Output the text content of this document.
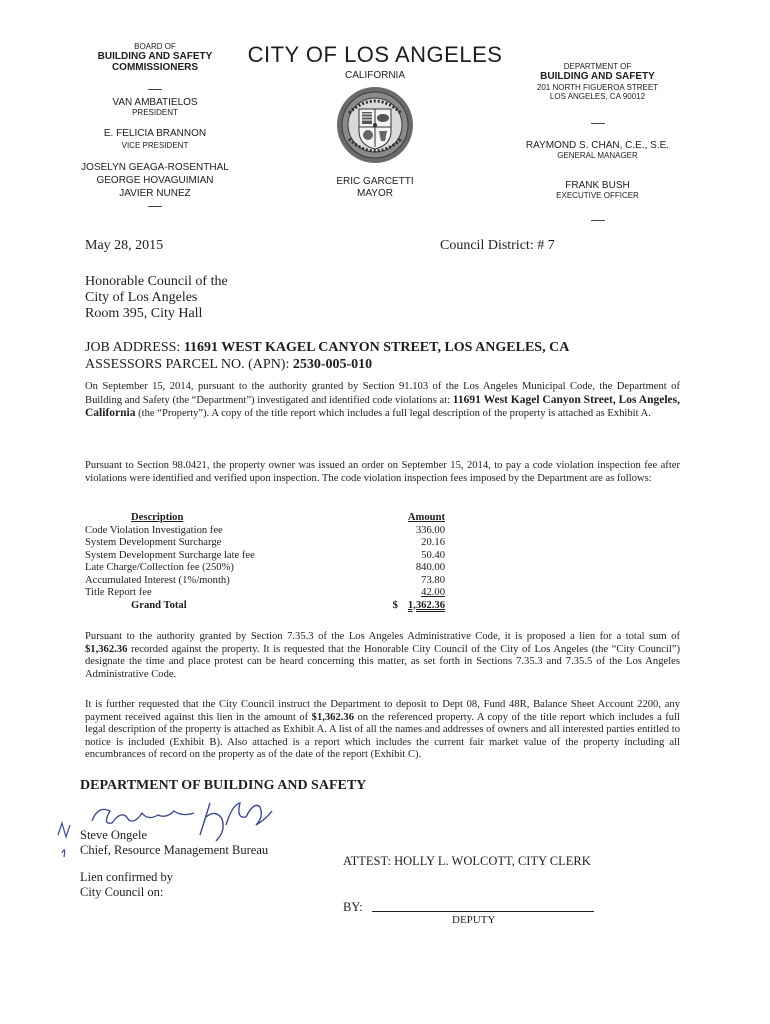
BOARD OF
BUILDING AND SAFETY
COMMISSIONERS
VAN AMBATIELOS
PRESIDENT
E. FELICIA BRANNON
VICE PRESIDENT
JOSELYN GEAGA-ROSENTHAL
GEORGE HOVAGUIMIAN
JAVIER NUNEZ
CITY OF LOS ANGELES
CALIFORNIA
ERIC GARCETTI
MAYOR
DEPARTMENT OF
BUILDING AND SAFETY
201 NORTH FIGUEROA STREET
LOS ANGELES, CA 90012
RAYMOND S. CHAN, C.E., S.E.
GENERAL MANAGER
FRANK BUSH
EXECUTIVE OFFICER
May 28, 2015	Council District: # 7
Honorable Council of the
City of Los Angeles
Room 395, City Hall
JOB ADDRESS: 11691 WEST KAGEL CANYON STREET, LOS ANGELES, CA
ASSESSORS PARCEL NO. (APN): 2530-005-010
On September 15, 2014, pursuant to the authority granted by Section 91.103 of the Los Angeles Municipal Code, the Department of Building and Safety (the “Department”) investigated and identified code violations at: 11691 West Kagel Canyon Street, Los Angeles, California (the “Property”). A copy of the title report which includes a full legal description of the property is attached as Exhibit A.
Pursuant to Section 98.0421, the property owner was issued an order on September 15, 2014, to pay a code violation inspection fee after violations were identified and verified upon inspection. The code violation inspection fees imposed by the Department are as follows:
Description	Amount
Code Violation Investigation fee	336.00
System Development Surcharge	20.16
System Development Surcharge late fee	50.40
Late Charge/Collection fee (250%)	840.00
Accumulated Interest (1%/month)	73.80
Title Report fee	42.00
Grand Total	$ 1,362.36
Pursuant to the authority granted by Section 7.35.3 of the Los Angeles Administrative Code, it is proposed a lien for a total sum of $1,362.36 recorded against the property. It is requested that the Honorable City Council of the City of Los Angeles (the “City Council”) designate the time and place protest can be heard concerning this matter, as set forth in Sections 7.35.3 and 7.35.5 of the Los Angeles Administrative Code.
It is further requested that the City Council instruct the Department to deposit to Dept 08, Fund 48R, Balance Sheet Account 2200, any payment received against this lien in the amount of $1,362.36 on the referenced property. A copy of the title report which includes a full legal description of the property is attached as Exhibit A. A list of all the names and addresses of owners and all interested parties entitled to notice is included (Exhibit B). Also attached is a report which includes the current fair market value of the property including all encumbrances of record on the property as of the date of the report (Exhibit C).
DEPARTMENT OF BUILDING AND SAFETY
Steve Ongele
Chief, Resource Management Bureau
ATTEST: HOLLY L. WOLCOTT, CITY CLERK
Lien confirmed by
City Council on:
BY:
DEPUTY
